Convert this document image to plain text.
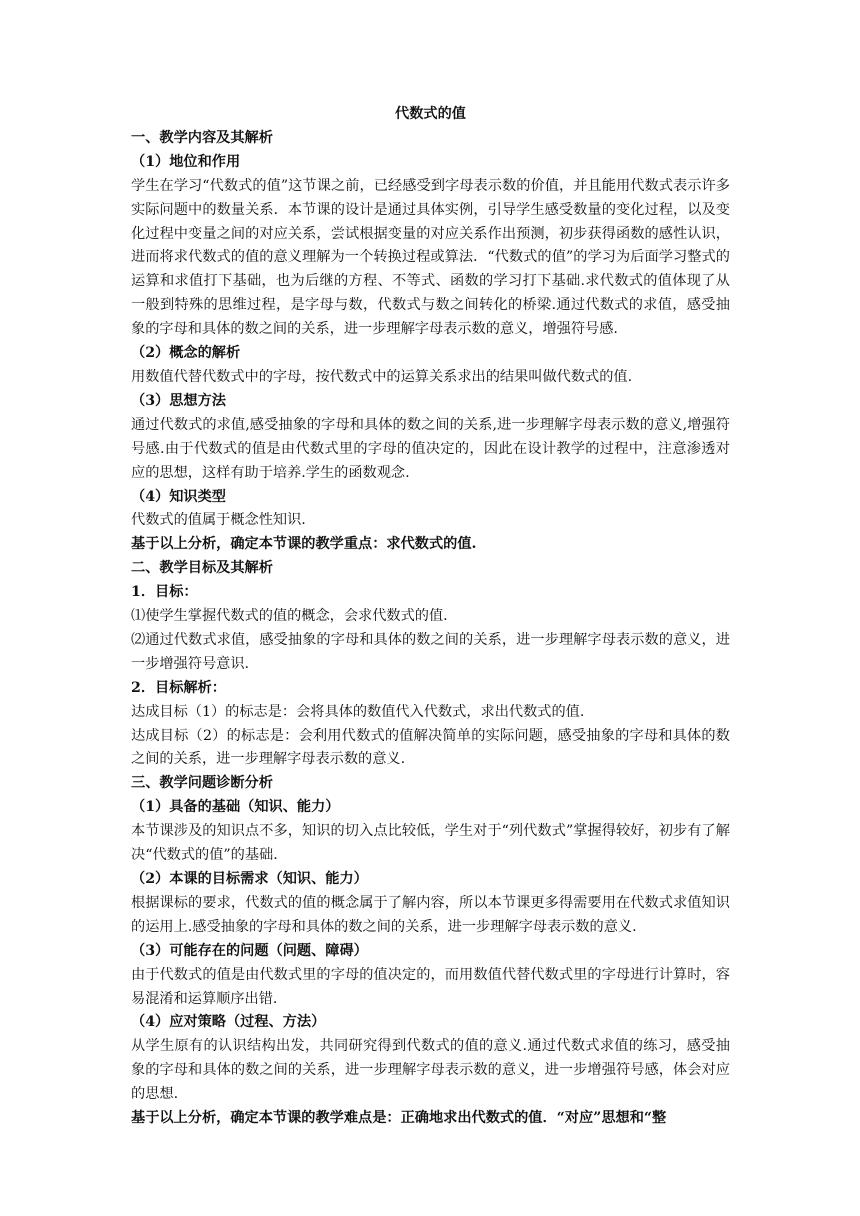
代数式的值

一、教学内容及其解析

（1）地位和作用

学生在学习“代数式的值”这节课之前，已经感受到字母表示数的价值，并且能用代数式表示许多实际问题中的数量关系．本节课的设计是通过具体实例，引导学生感受数量的变化过程，以及变化过程中变量之间的对应关系，尝试根据变量的对应关系作出预测，初步获得函数的感性认识，进而将求代数式的值的意义理解为一个转换过程或算法．“代数式的值”的学习为后面学习整式的运算和求值打下基础，也为后继的方程、不等式、函数的学习打下基础.求代数式的值体现了从一般到特殊的思维过程，是字母与数，代数式与数之间转化的桥梁.通过代数式的求值，感受抽象的字母和具体的数之间的关系，进一步理解字母表示数的意义，增强符号感.

（2）概念的解析

用数值代替代数式中的字母，按代数式中的运算关系求出的结果叫做代数式的值.

（3）思想方法

通过代数式的求值,感受抽象的字母和具体的数之间的关系,进一步理解字母表示数的意义,增强符号感.由于代数式的值是由代数式里的字母的值决定的，因此在设计教学的过程中，注意渗透对应的思想，这样有助于培养.学生的函数观念.

（4）知识类型

代数式的值属于概念性知识.

基于以上分析，确定本节课的教学重点：求代数式的值.

二、教学目标及其解析

1．目标：

⑴使学生掌握代数式的值的概念，会求代数式的值.

⑵通过代数式求值，感受抽象的字母和具体的数之间的关系，进一步理解字母表示数的意义，进一步增强符号意识.

2．目标解析：

达成目标（1）的标志是：会将具体的数值代入代数式，求出代数式的值.

达成目标（2）的标志是：会利用代数式的值解决简单的实际问题，感受抽象的字母和具体的数之间的关系，进一步理解字母表示数的意义.

三、教学问题诊断分析

（1）具备的基础（知识、能力）

本节课涉及的知识点不多，知识的切入点比较低，学生对于“列代数式”掌握得较好，初步有了解决“代数式的值”的基础.

（2）本课的目标需求（知识、能力）

根据课标的要求，代数式的值的概念属于了解内容，所以本节课更多得需要用在代数式求值知识的运用上.感受抽象的字母和具体的数之间的关系，进一步理解字母表示数的意义.

（3）可能存在的问题（问题、障碍）

由于代数式的值是由代数式里的字母的值决定的，而用数值代替代数式里的字母进行计算时，容易混淆和运算顺序出错.

（4）应对策略（过程、方法）

从学生原有的认识结构出发，共同研究得到代数式的值的意义.通过代数式求值的练习，感受抽象的字母和具体的数之间的关系，进一步理解字母表示数的意义，进一步增强符号感，体会对应的思想.

基于以上分析，确定本节课的教学难点是：正确地求出代数式的值．“对应”思想和“整
